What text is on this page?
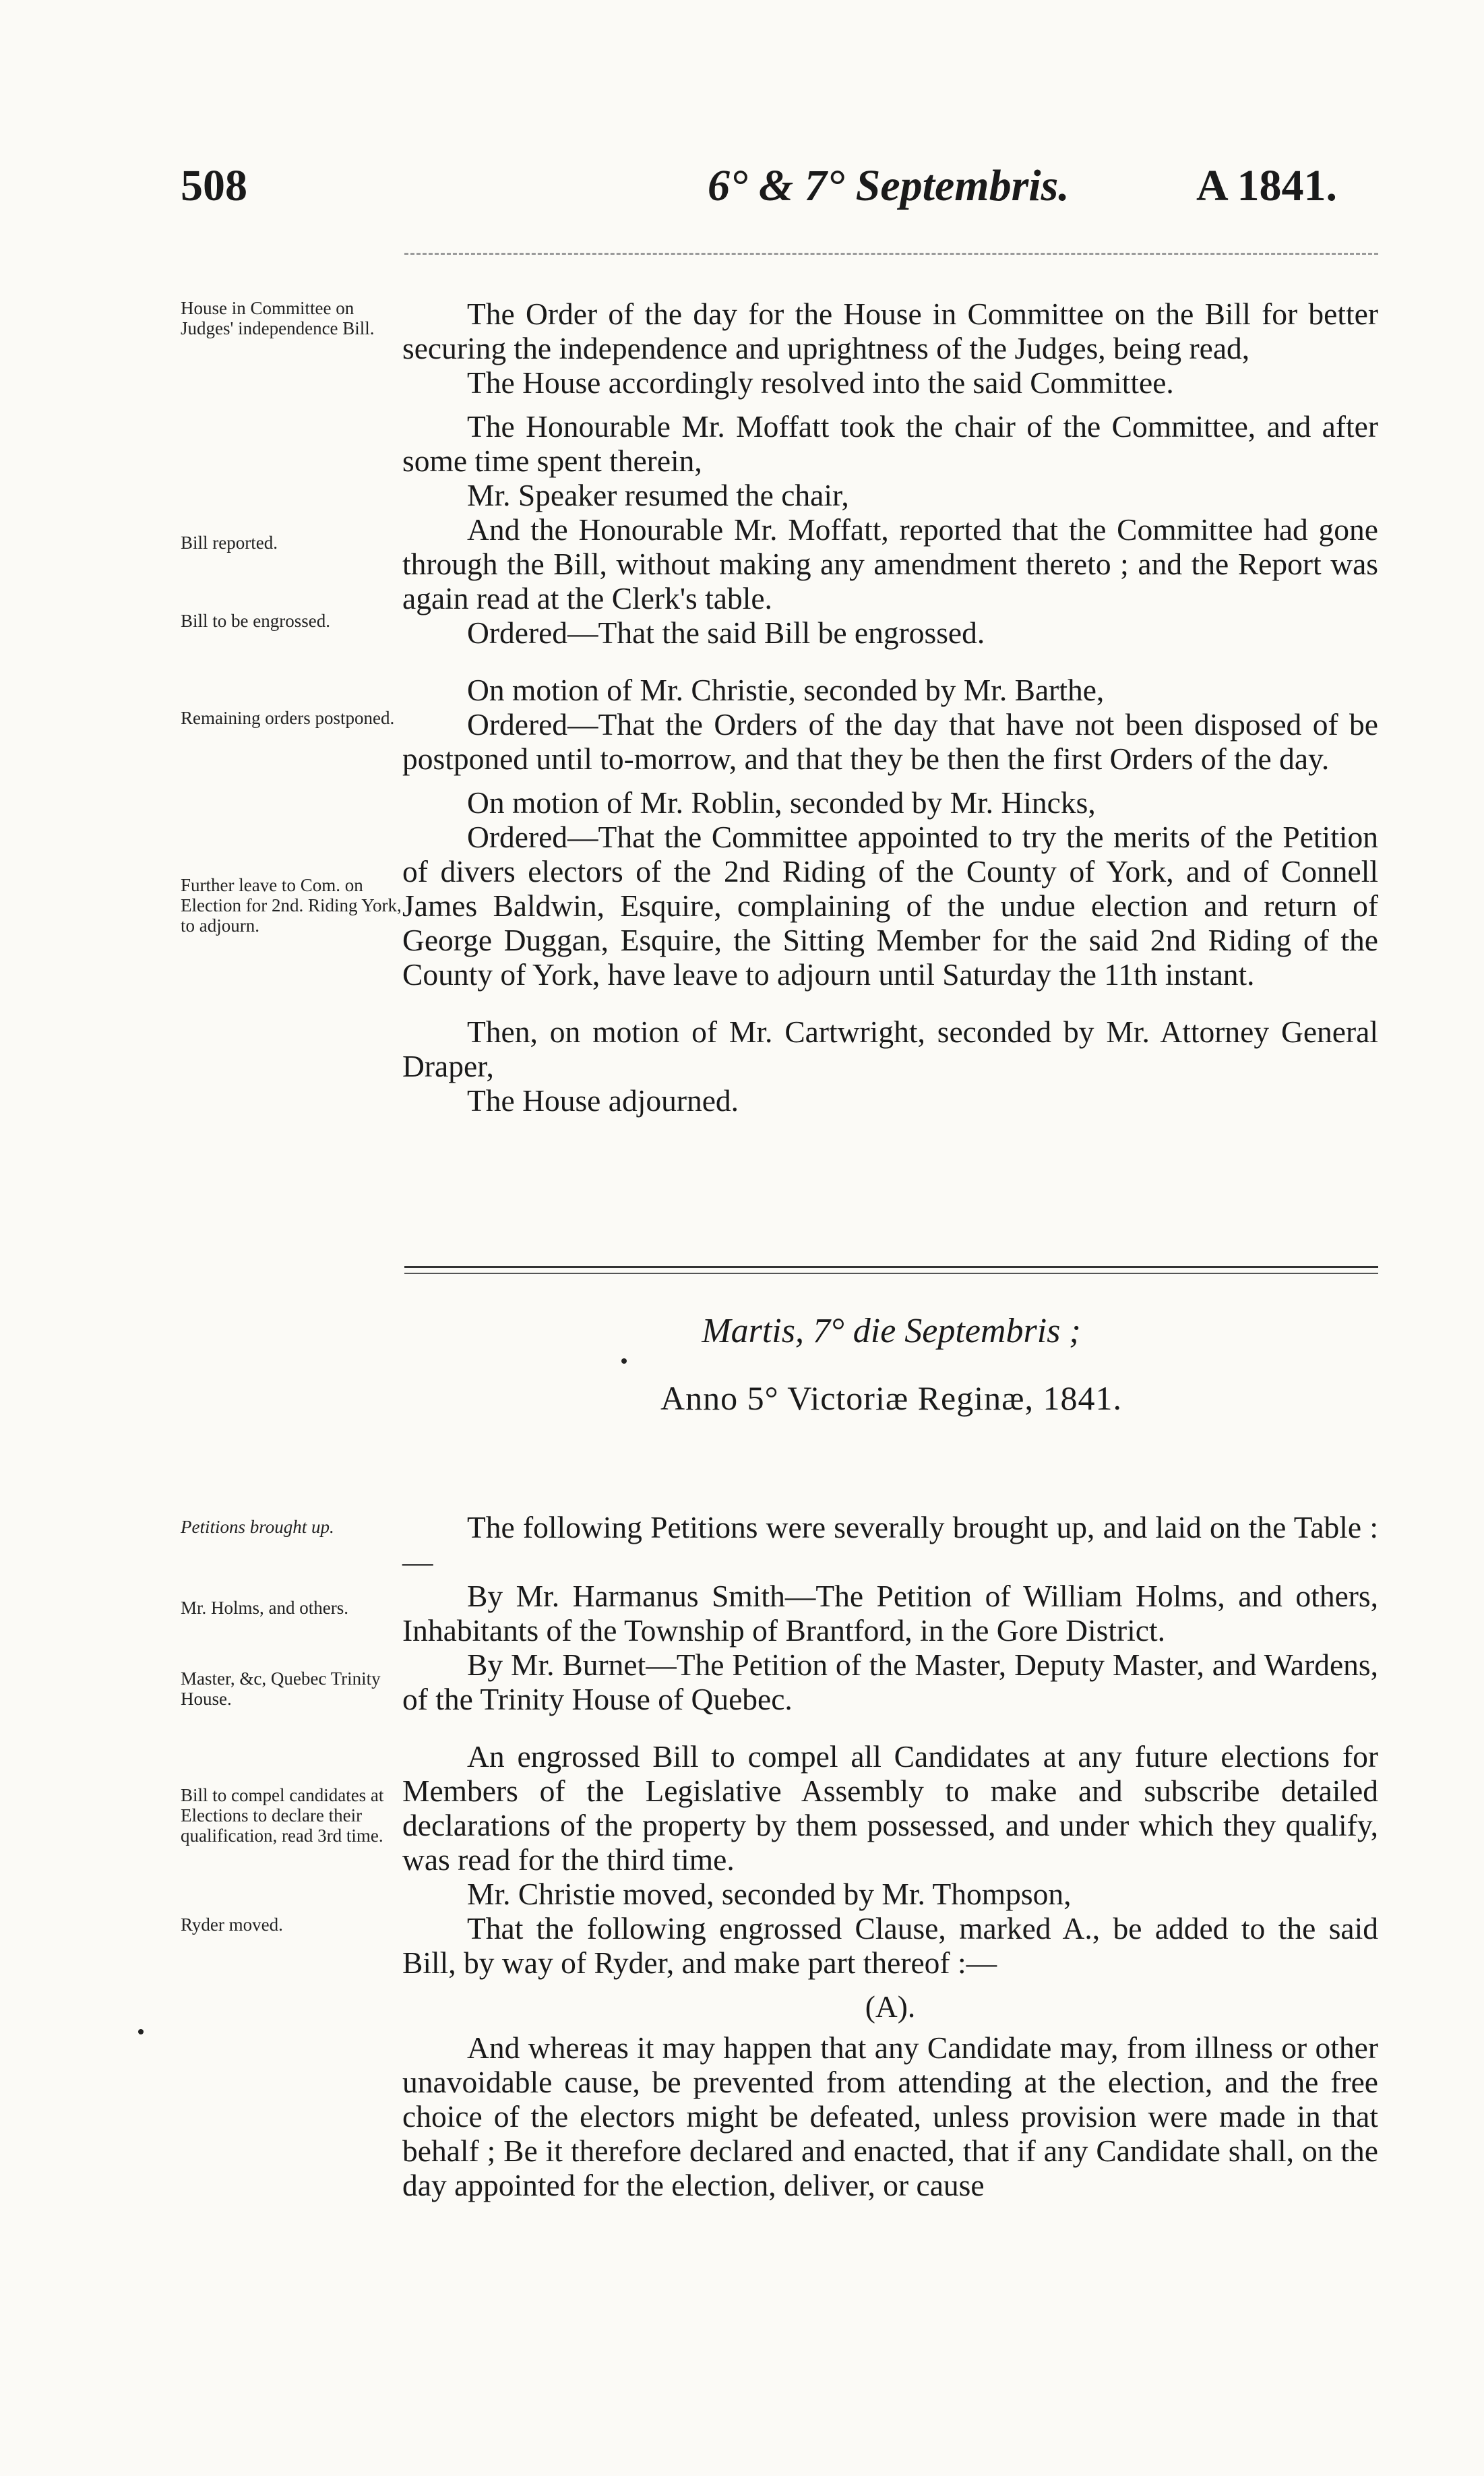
508	6° & 7° Septembris.	A 1841.
House in Committee on Judges' independence Bill.
Bill reported.
Bill to be engrossed.
Remaining orders postponed.
Further leave to Com. on Election for 2nd. Riding York, to adjourn.

The Order of the day for the House in Committee on the Bill for better securing the independence and uprightness of the Judges, being read,

The House accordingly resolved into the said Committee.

The Honourable Mr. Moffatt took the chair of the Committee, and after some time spent therein,

Mr. Speaker resumed the chair,

And the Honourable Mr. Moffatt, reported that the Committee had gone through the Bill, without making any amendment thereto ; and the Report was again read at the Clerk's table.

Ordered—That the said Bill be engrossed.

On motion of Mr. Christie, seconded by Mr. Barthe,

Ordered—That the Orders of the day that have not been disposed of be postponed until to-morrow, and that they be then the first Orders of the day.

On motion of Mr. Roblin, seconded by Mr. Hincks,

Ordered—That the Committee appointed to try the merits of the Petition of divers electors of the 2nd Riding of the County of York, and of Connell James Baldwin, Esquire, complaining of the undue election and return of George Duggan, Esquire, the Sitting Member for the said 2nd Riding of the County of York, have leave to adjourn until Saturday the 11th instant.

Then, on motion of Mr. Cartwright, seconded by Mr. Attorney General Draper,

The House adjourned.

Martis, 7° die Septembris ;
Anno 5° Victoriæ Reginæ, 1841.
Petitions brought up.
Mr. Holms, and others.
Master, &c, Quebec Trinity House.
Bill to compel candidates at Elections to declare their qualification, read 3rd time.
Ryder moved.

The following Petitions were severally brought up, and laid on the Table :—

By Mr. Harmanus Smith—The Petition of William Holms, and others, Inhabitants of the Township of Brantford, in the Gore District.

By Mr. Burnet—The Petition of the Master, Deputy Master, and Wardens, of the Trinity House of Quebec.

An engrossed Bill to compel all Candidates at any future elections for Members of the Legislative Assembly to make and subscribe detailed declarations of the property by them possessed, and under which they qualify, was read for the third time.

Mr. Christie moved, seconded by Mr. Thompson,

That the following engrossed Clause, marked A., be added to the said Bill, by way of Ryder, and make part thereof :—

(A).

And whereas it may happen that any Candidate may, from illness or other unavoidable cause, be prevented from attending at the election, and the free choice of the electors might be defeated, unless provision were made in that behalf ; Be it therefore declared and enacted, that if any Candidate shall, on the day appointed for the election, deliver, or cause
